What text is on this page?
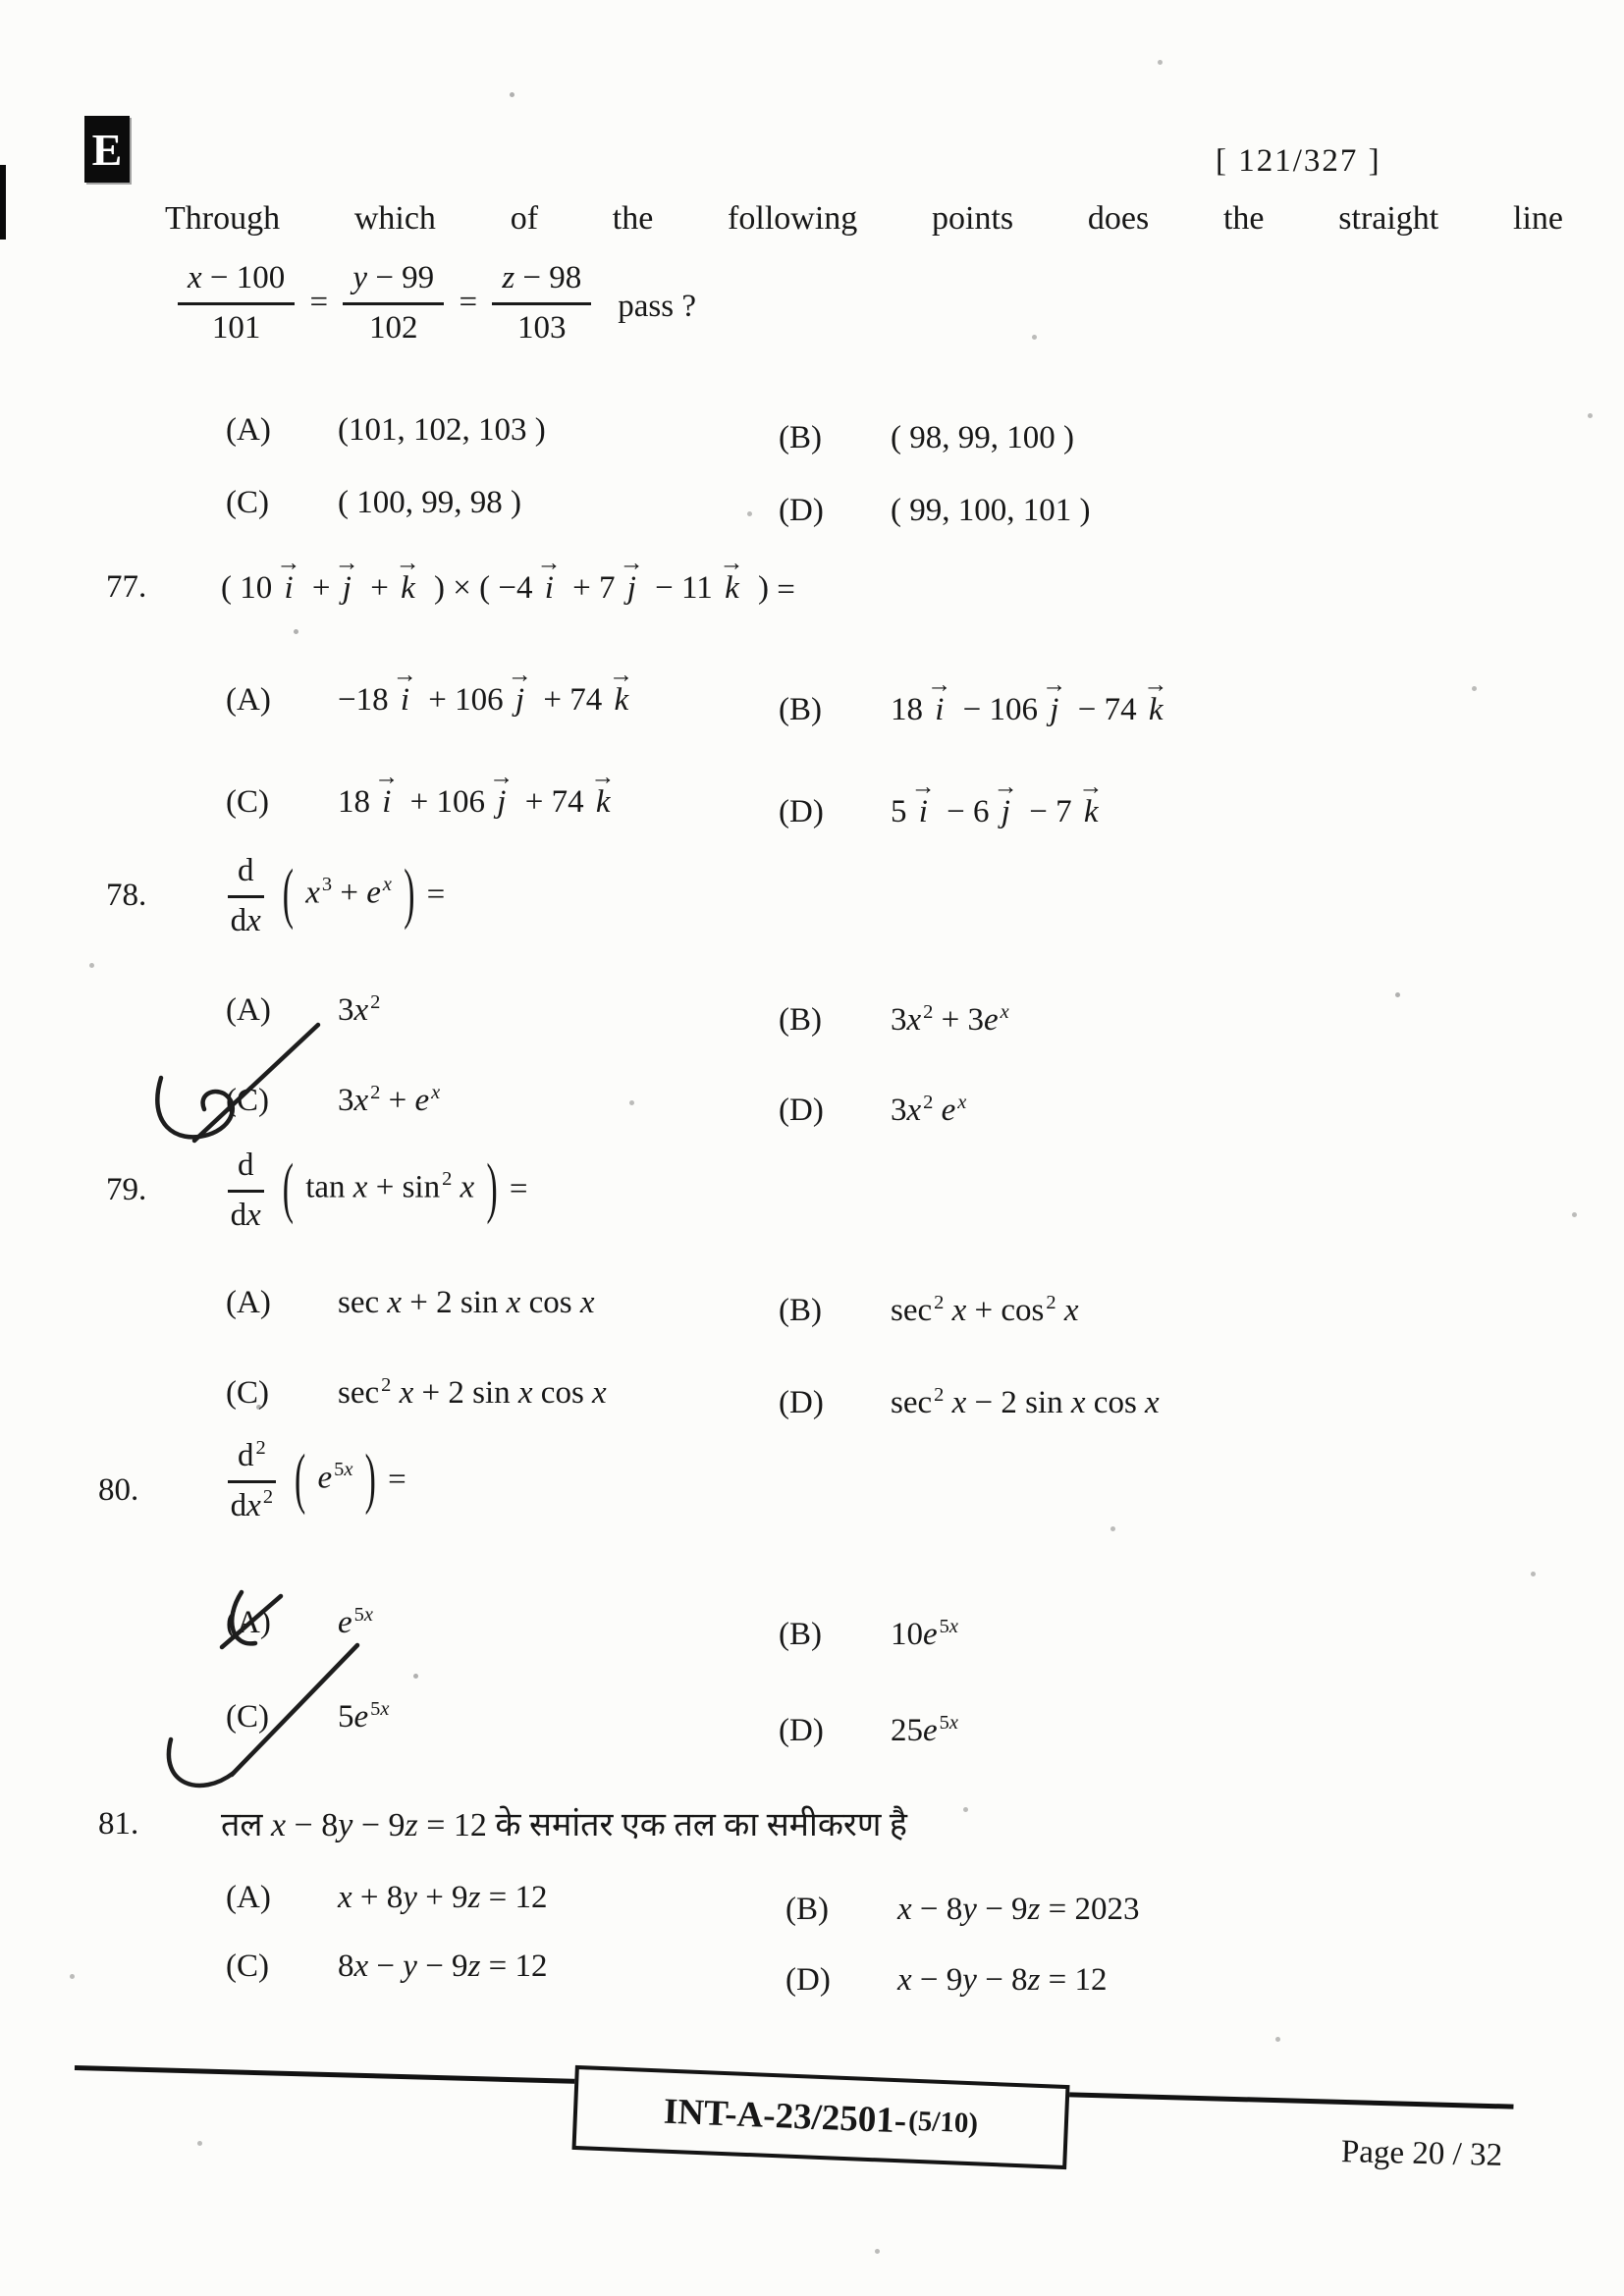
E	[ 121/327 ]
Through which of the following points does the straight line
$\frac{x - 100}{101} = \frac{y - 99}{102} = \frac{z - 98}{103}$ pass ?
(A)	(101, 102, 103 )	(B)	( 98, 99, 100 )
(C)	( 100, 99, 98 )	(D)	( 99, 100, 101 )
77. ( 10
→
i +
→
j +
→
k ) × ( −4
→
i + 7
→
j − 11
→
k ) =
(A)	−18
→
i + 106
→
j + 74
→
k	(B)	18
→
i − 106
→
j − 74
→
k
(C)	18
→
i + 106
→
j + 74
→
k	(D)	5
→
i − 6
→
j − 7
→
k
78.	$\frac{d}{dx}$ ( $x^3 + e^x$ ) =
(A)	$3x^2$
(B)	$3x^2 + 3e^x$
(C)	$3x^2 + e^x$
(D)	$3x^2$ $e^x$
79.	$\frac{d}{dx}$ ( $\tan x + \sin^2 x$ ) =
(A)	sec x + 2 sin x cos x	(B)	$\sec^2 x + \cos^2 x$
(C)	$\sec^2 x + 2$ sin x cos x	(D)	$\sec^2 x - 2$ sin x cos x
80.	$\frac{d^2}{dx^2}$ ( $e^{5x}$ ) =
(A)	$e^{5x}$
(B)	$10e^{5x}$
(C)	$5e^{5x}$
(D)	$25e^{5x}$
81. तल x − 8y − 9z = 12 के समांतर एक तल का समीकरण है
(A)	x + 8y + 9z = 12	(B)	x − 8y − 9z = 2023
(C)	8x − y − 9z = 12	(D)	x − 9y − 8z = 12
INT-A-23/2501- (5/10)
Page 20 / 32
